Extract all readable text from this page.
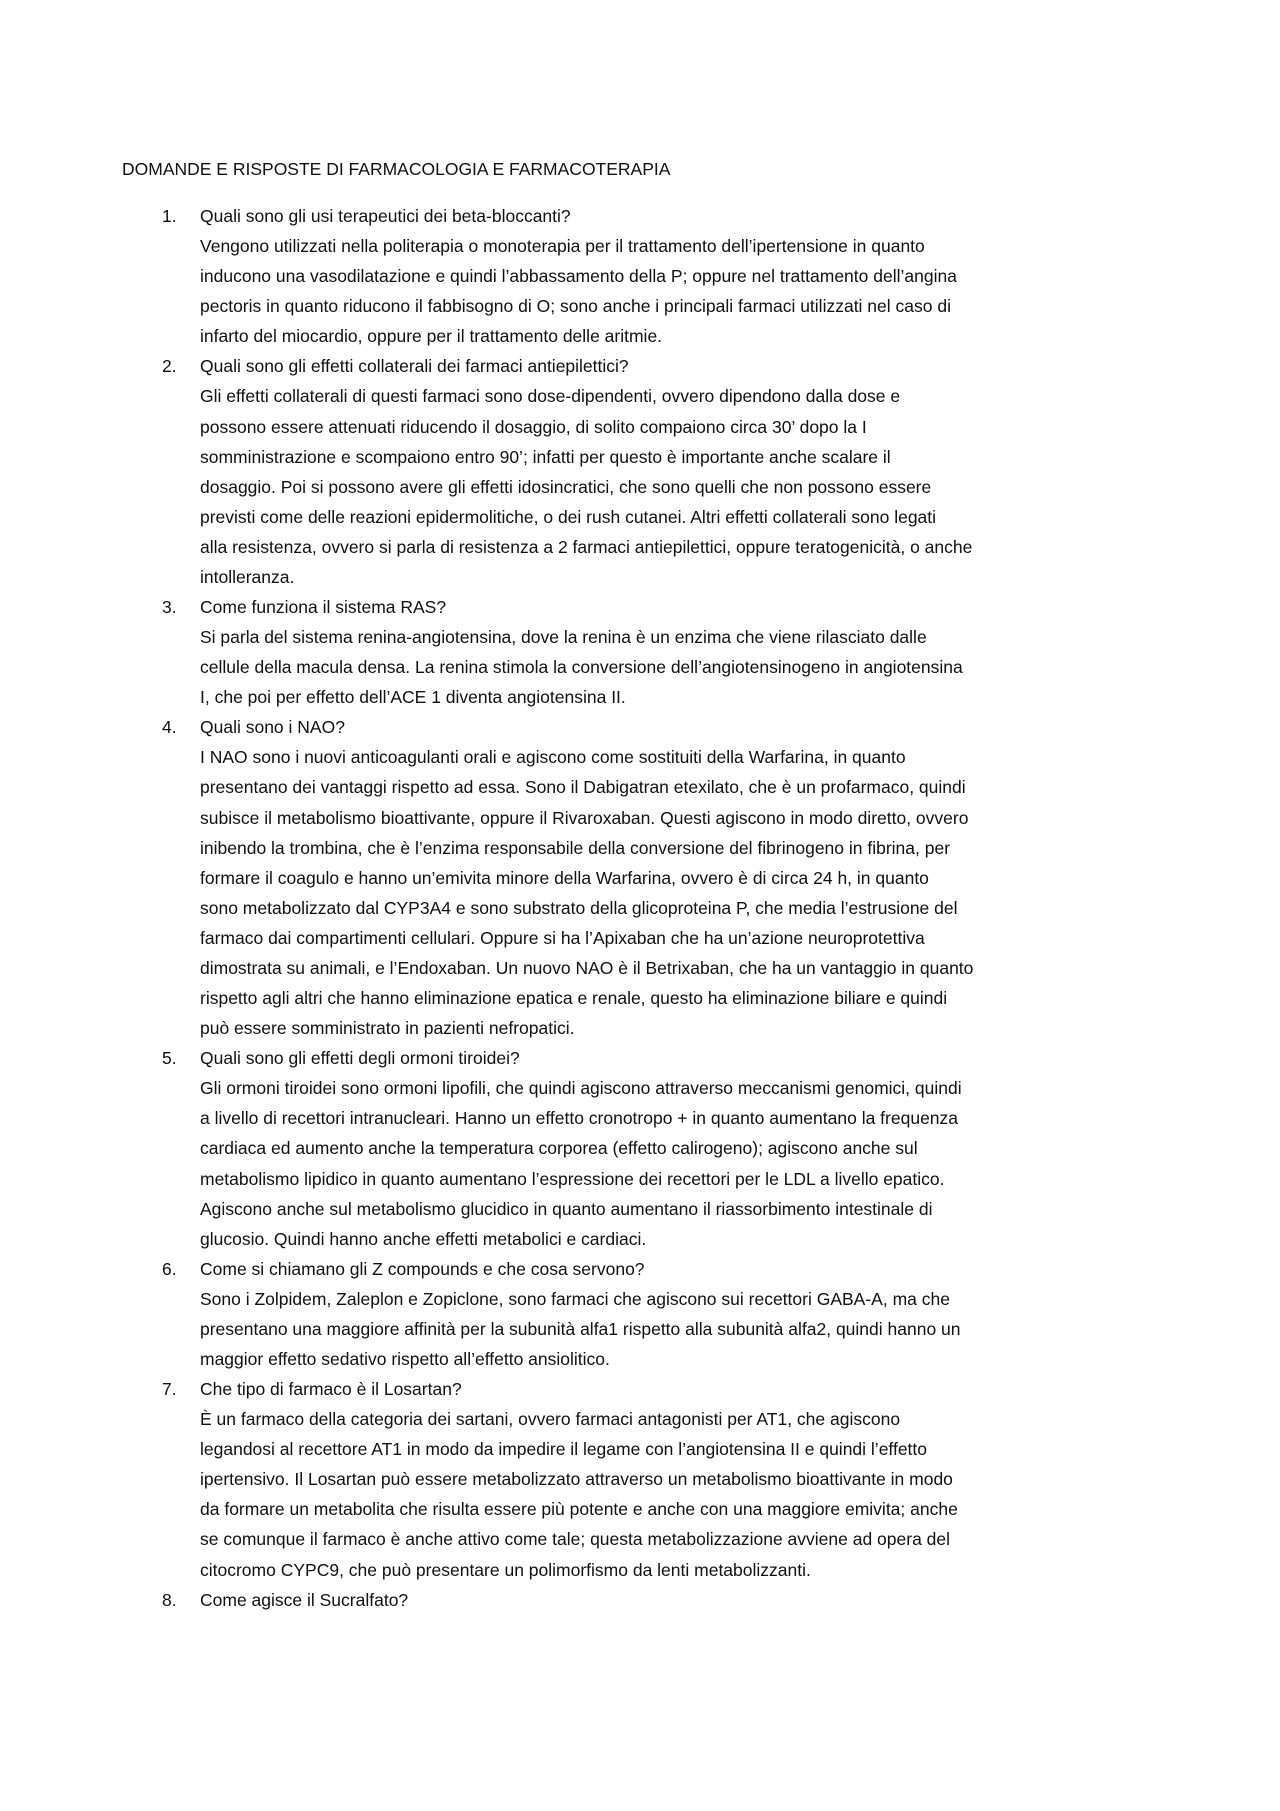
DOMANDE E RISPOSTE DI FARMACOLOGIA E FARMACOTERAPIA
1. Quali sono gli usi terapeutici dei beta-bloccanti?
Vengono utilizzati nella politerapia o monoterapia per il trattamento dell’ipertensione in quanto
inducono una vasodilatazione e quindi l’abbassamento della P; oppure nel trattamento dell’angina
pectoris in quanto riducono il fabbisogno di O; sono anche i principali farmaci utilizzati nel caso di
infarto del miocardio, oppure per il trattamento delle aritmie.
2. Quali sono gli effetti collaterali dei farmaci antiepilettici?
Gli effetti collaterali di questi farmaci sono dose-dipendenti, ovvero dipendono dalla dose e
possono essere attenuati riducendo il dosaggio, di solito compaiono circa 30’ dopo la I
somministrazione e scompaiono entro 90’; infatti per questo è importante anche scalare il
dosaggio. Poi si possono avere gli effetti idosincratici, che sono quelli che non possono essere
previsti come delle reazioni epidermolitiche, o dei rush cutanei. Altri effetti collaterali sono legati
alla resistenza, ovvero si parla di resistenza a 2 farmaci antiepilettici, oppure teratogenicità, o anche
intolleranza.
3. Come funziona il sistema RAS?
Si parla del sistema renina-angiotensina, dove la renina è un enzima che viene rilasciato dalle
cellule della macula densa. La renina stimola la conversione dell’angiotensinogeno in angiotensina
I, che poi per effetto dell’ACE 1 diventa angiotensina II.
4. Quali sono i NAO?
I NAO sono i nuovi anticoagulanti orali e agiscono come sostituiti della Warfarina, in quanto
presentano dei vantaggi rispetto ad essa. Sono il Dabigatran etexilato, che è un profarmaco, quindi
subisce il metabolismo bioattivante, oppure il Rivaroxaban. Questi agiscono in modo diretto, ovvero
inibendo la trombina, che è l’enzima responsabile della conversione del fibrinogeno in fibrina, per
formare il coagulo e hanno un’emivita minore della Warfarina, ovvero è di circa 24 h, in quanto
sono metabolizzato dal CYP3A4 e sono substrato della glicoproteina P, che media l’estrusione del
farmaco dai compartimenti cellulari. Oppure si ha l’Apixaban che ha un’azione neuroprotettiva
dimostrata su animali, e l’Endoxaban. Un nuovo NAO è il Betrixaban, che ha un vantaggio in quanto
rispetto agli altri che hanno eliminazione epatica e renale, questo ha eliminazione biliare e quindi
può essere somministrato in pazienti nefropatici.
5. Quali sono gli effetti degli ormoni tiroidei?
Gli ormoni tiroidei sono ormoni lipofili, che quindi agiscono attraverso meccanismi genomici, quindi
a livello di recettori intranucleari. Hanno un effetto cronotropo + in quanto aumentano la frequenza
cardiaca ed aumento anche la temperatura corporea (effetto calirogeno); agiscono anche sul
metabolismo lipidico in quanto aumentano l’espressione dei recettori per le LDL a livello epatico.
Agiscono anche sul metabolismo glucidico in quanto aumentano il riassorbimento intestinale di
glucosio. Quindi hanno anche effetti metabolici e cardiaci.
6. Come si chiamano gli Z compounds e che cosa servono?
Sono i Zolpidem, Zaleplon e Zopiclone, sono farmaci che agiscono sui recettori GABA-A, ma che
presentano una maggiore affinità per la subunità alfa1 rispetto alla subunità alfa2, quindi hanno un
maggior effetto sedativo rispetto all’effetto ansiolitico.
7. Che tipo di farmaco è il Losartan?
È un farmaco della categoria dei sartani, ovvero farmaci antagonisti per AT1, che agiscono
legandosi al recettore AT1 in modo da impedire il legame con l’angiotensina II e quindi l’effetto
ipertensivo. Il Losartan può essere metabolizzato attraverso un metabolismo bioattivante in modo
da formare un metabolita che risulta essere più potente e anche con una maggiore emivita; anche
se comunque il farmaco è anche attivo come tale; questa metabolizzazione avviene ad opera del
citocromo CYPC9, che può presentare un polimorfismo da lenti metabolizzanti.
8. Come agisce il Sucralfato?
